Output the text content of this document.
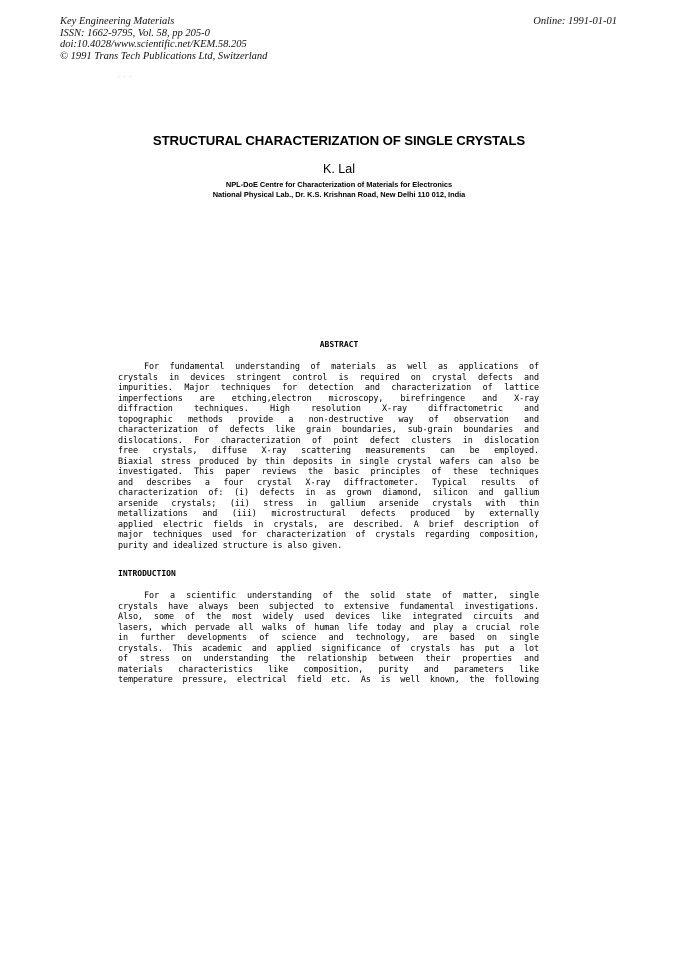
Key Engineering Materials
ISSN: 1662-9795, Vol. 58, pp 205-0
doi:10.4028/www.scientific.net/KEM.58.205
© 1991 Trans Tech Publications Ltd, Switzerland
Online: 1991-01-01
· · ·
STRUCTURAL CHARACTERIZATION OF SINGLE CRYSTALS
K. Lal
NPL-DoE Centre for Characterization of Materials for Electronics
National Physical Lab., Dr. K.S. Krishnan Road, New Delhi 110 012, India
ABSTRACT
For fundamental understanding of materials as well as applications of
crystals in devices stringent control is required on crystal defects and
impurities. Major techniques for detection and characterization of lattice
imperfections are etching,electron microscopy, birefringence and X-ray
diffraction techniques. High resolution X-ray diffractometric and
topographic methods provide a non-destructive way of observation and
characterization of defects like grain boundaries, sub-grain boundaries and
dislocations. For characterization of point defect clusters in dislocation
free crystals, diffuse X-ray scattering measurements can be employed.
Biaxial stress produced by thin deposits in single crystal wafers can also be
investigated. This paper reviews the basic principles of these techniques
and describes a four crystal X-ray diffractometer. Typical results of
characterization of: (i) defects in as grown diamond, silicon and gallium
arsenide crystals; (ii) stress in gallium arsenide crystals with thin
metallizations and (iii) microstructural defects produced by externally
applied electric fields in crystals, are described. A brief description of
major techniques used for characterization of crystals regarding composition,
purity and idealized structure is also given.
INTRODUCTION
For a scientific understanding of the solid state of matter, single
crystals have always been subjected to extensive fundamental investigations.
Also, some of the most widely used devices like integrated circuits and
lasers, which pervade all walks of human life today and play a crucial role
in further developments of science and technology, are based on single
crystals. This academic and applied significance of crystals has put a lot
of stress on understanding the relationship between their properties and
materials characteristics like composition, purity and parameters like
temperature pressure, electrical field etc. As is well known, the following
